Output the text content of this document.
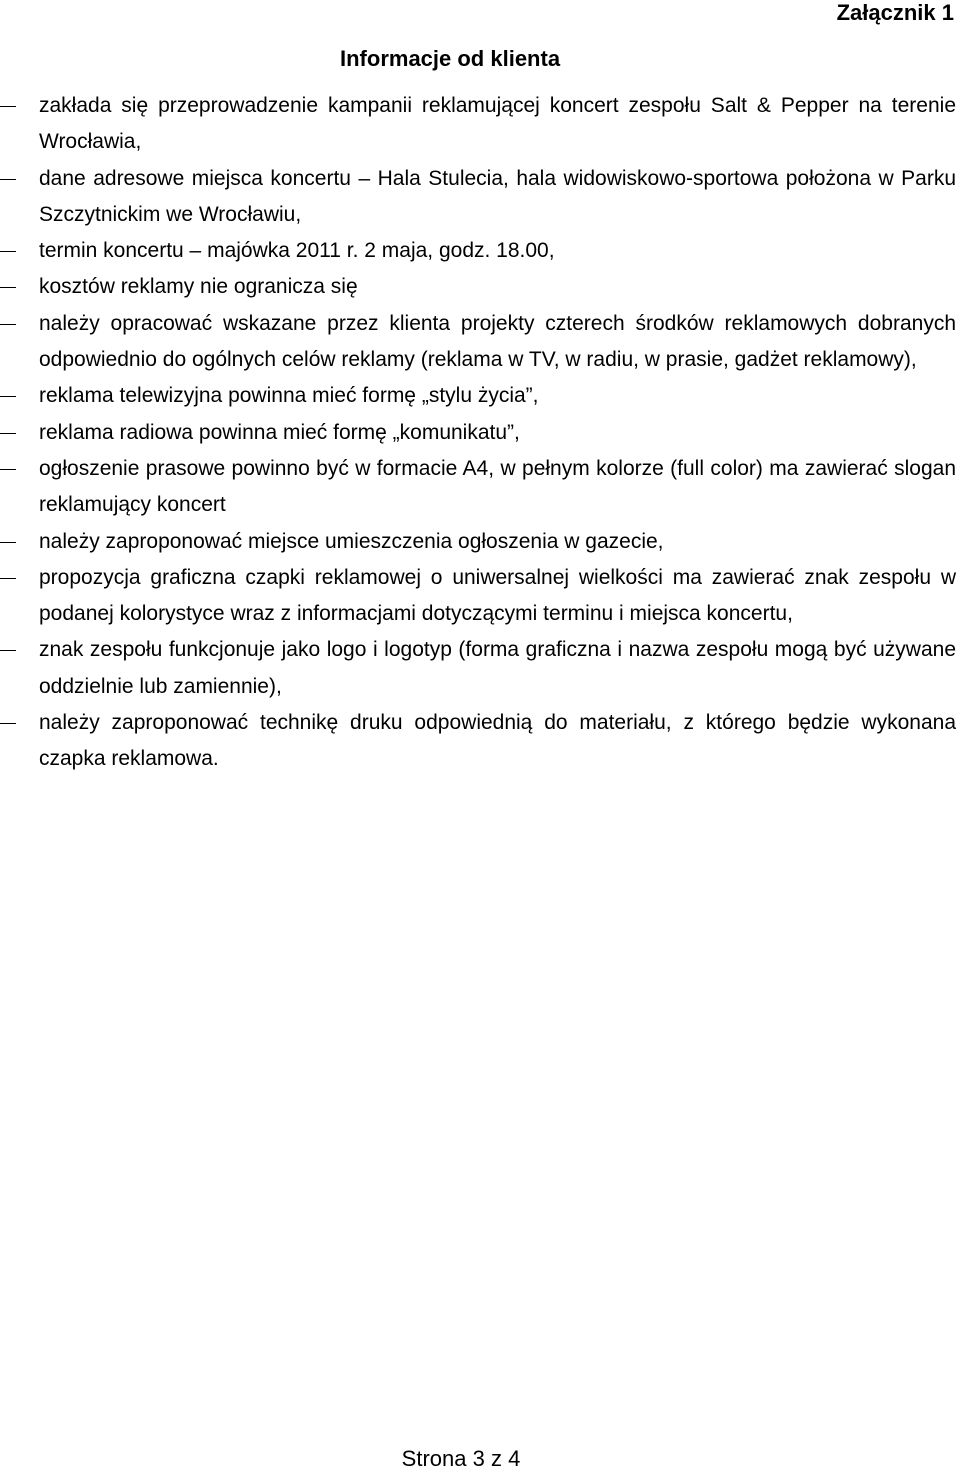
Załącznik 1

Informacje od klienta

zakłada się przeprowadzenie kampanii reklamującej koncert zespołu Salt & Pepper na terenie Wrocławia,
dane adresowe miejsca koncertu – Hala Stulecia, hala widowiskowo-sportowa położona w Parku Szczytnickim we Wrocławiu,
termin koncertu – majówka 2011 r. 2 maja, godz. 18.00,
kosztów reklamy nie ogranicza się
należy opracować wskazane przez klienta projekty czterech środków reklamowych dobranych odpowiednio do ogólnych celów reklamy (reklama w TV, w radiu, w prasie, gadżet reklamowy),
reklama telewizyjna powinna mieć formę „stylu życia”,
reklama radiowa powinna mieć formę „komunikatu”,
ogłoszenie prasowe powinno być w formacie A4, w pełnym kolorze (full color) ma zawierać slogan reklamujący koncert
należy zaproponować miejsce umieszczenia ogłoszenia w gazecie,
propozycja graficzna czapki reklamowej o uniwersalnej wielkości ma zawierać znak zespołu w podanej kolorystyce wraz z informacjami dotyczącymi terminu i miejsca koncertu,
znak zespołu funkcjonuje jako logo i logotyp (forma graficzna i nazwa zespołu mogą być używane oddzielnie lub zamiennie),
należy zaproponować technikę druku odpowiednią do materiału, z którego będzie wykonana czapka reklamowa.

Strona 3 z 4
